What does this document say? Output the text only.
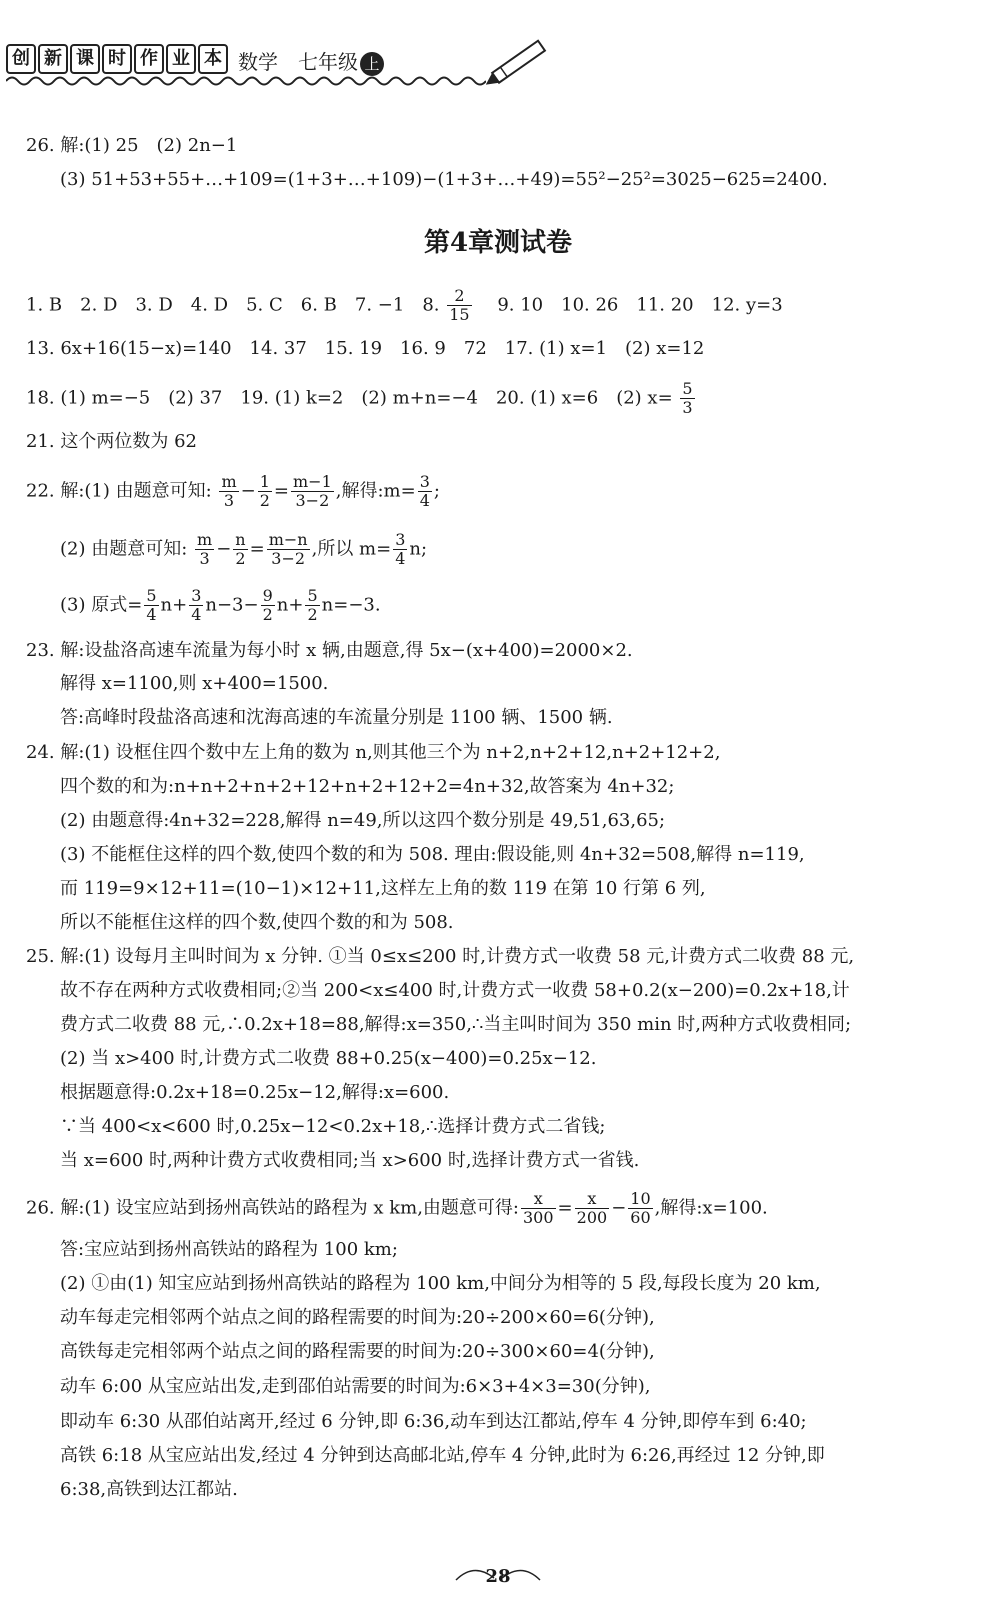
创 新 课 时 作 业 本 数学 七年级 上
26. 解:(1) 25　(2) 2n−1
(3) 51+53+55+…+109=(1+3+…+109)−(1+3+…+49)=55²−25²=3025−625=2400.
第4章测试卷
1. B　2. D　3. D　4. D　5. C　6. B　7. −1　8. $\frac{2}{15}$ 　9. 10　10. 26　11. 20　12. y=3
13. 6x+16(15−x)=140　14. 37　15. 19　16. 9　72　17. (1) x=1　(2) x=12
18. (1) m=−5　(2) 37　19. (1) k=2　(2) m+n=−4　20. (1) x=6　(2) $x= \frac{5}{3}$
21. 这个两位数为 62
22. 解:(1) 由题意可知: $\frac{m}{3} - \frac{1}{2} = \frac{m-1}{3-2}$ ,解得:m= $\frac{3}{4}$ ;
(2) 由题意可知: $\frac{m}{3} - \frac{n}{2} = \frac{m-n}{3-2}$ ,所以 $m= \frac{3}{4} n$;
(3) 原式= $\frac{5}{4} n+ \frac{3}{4} n-3- \frac{9}{2} n+ \frac{5}{2} n=-3$.
23. 解:设盐洛高速车流量为每小时 x 辆,由题意,得 5x−(x+400)=2000×2.
解得 x=1100,则 x+400=1500.
答:高峰时段盐洛高速和沈海高速的车流量分别是 1100 辆、1500 辆.
24. 解:(1) 设框住四个数中左上角的数为 n,则其他三个为 n+2,n+2+12,n+2+12+2,
四个数的和为:n+n+2+n+2+12+n+2+12+2=4n+32,故答案为 4n+32;
(2) 由题意得:4n+32=228,解得 n=49,所以这四个数分别是 49,51,63,65;
(3) 不能框住这样的四个数,使四个数的和为 508. 理由:假设能,则 4n+32=508,解得 n=119,
而 119=9×12+11=(10−1)×12+11,这样左上角的数 119 在第 10 行第 6 列,
所以不能框住这样的四个数,使四个数的和为 508.
25. 解:(1) 设每月主叫时间为 x 分钟. ①当 0≤x≤200 时,计费方式一收费 58 元,计费方式二收费 88 元,
故不存在两种方式收费相同;②当 200<x≤400 时,计费方式一收费 58+0.2(x−200)=0.2x+18,计
费方式二收费 88 元,∴0.2x+18=88,解得:x=350,∴当主叫时间为 350 min 时,两种方式收费相同;
(2) 当 x>400 时,计费方式二收费 88+0.25(x−400)=0.25x−12.
根据题意得:0.2x+18=0.25x−12,解得:x=600.
∵当 400<x<600 时,0.25x−12<0.2x+18,∴选择计费方式二省钱;
当 x=600 时,两种计费方式收费相同;当 x>600 时,选择计费方式一省钱.
26. 解:(1) 设宝应站到扬州高铁站的路程为 x km,由题意可得: $\frac{x}{300} = \frac{x}{200} - \frac{10}{60}$ ,解得:x=100.
答:宝应站到扬州高铁站的路程为 100 km;
(2) ①由(1) 知宝应站到扬州高铁站的路程为 100 km,中间分为相等的 5 段,每段长度为 20 km,
动车每走完相邻两个站点之间的路程需要的时间为:20÷200×60=6(分钟),
高铁每走完相邻两个站点之间的路程需要的时间为:20÷300×60=4(分钟),
动车 6:00 从宝应站出发,走到邵伯站需要的时间为:6×3+4×3=30(分钟),
即动车 6:30 从邵伯站离开,经过 6 分钟,即 6:36,动车到达江都站,停车 4 分钟,即停车到 6:40;
高铁 6:18 从宝应站出发,经过 4 分钟到达高邮北站,停车 4 分钟,此时为 6:26,再经过 12 分钟,即
6:38,高铁到达江都站.
28
